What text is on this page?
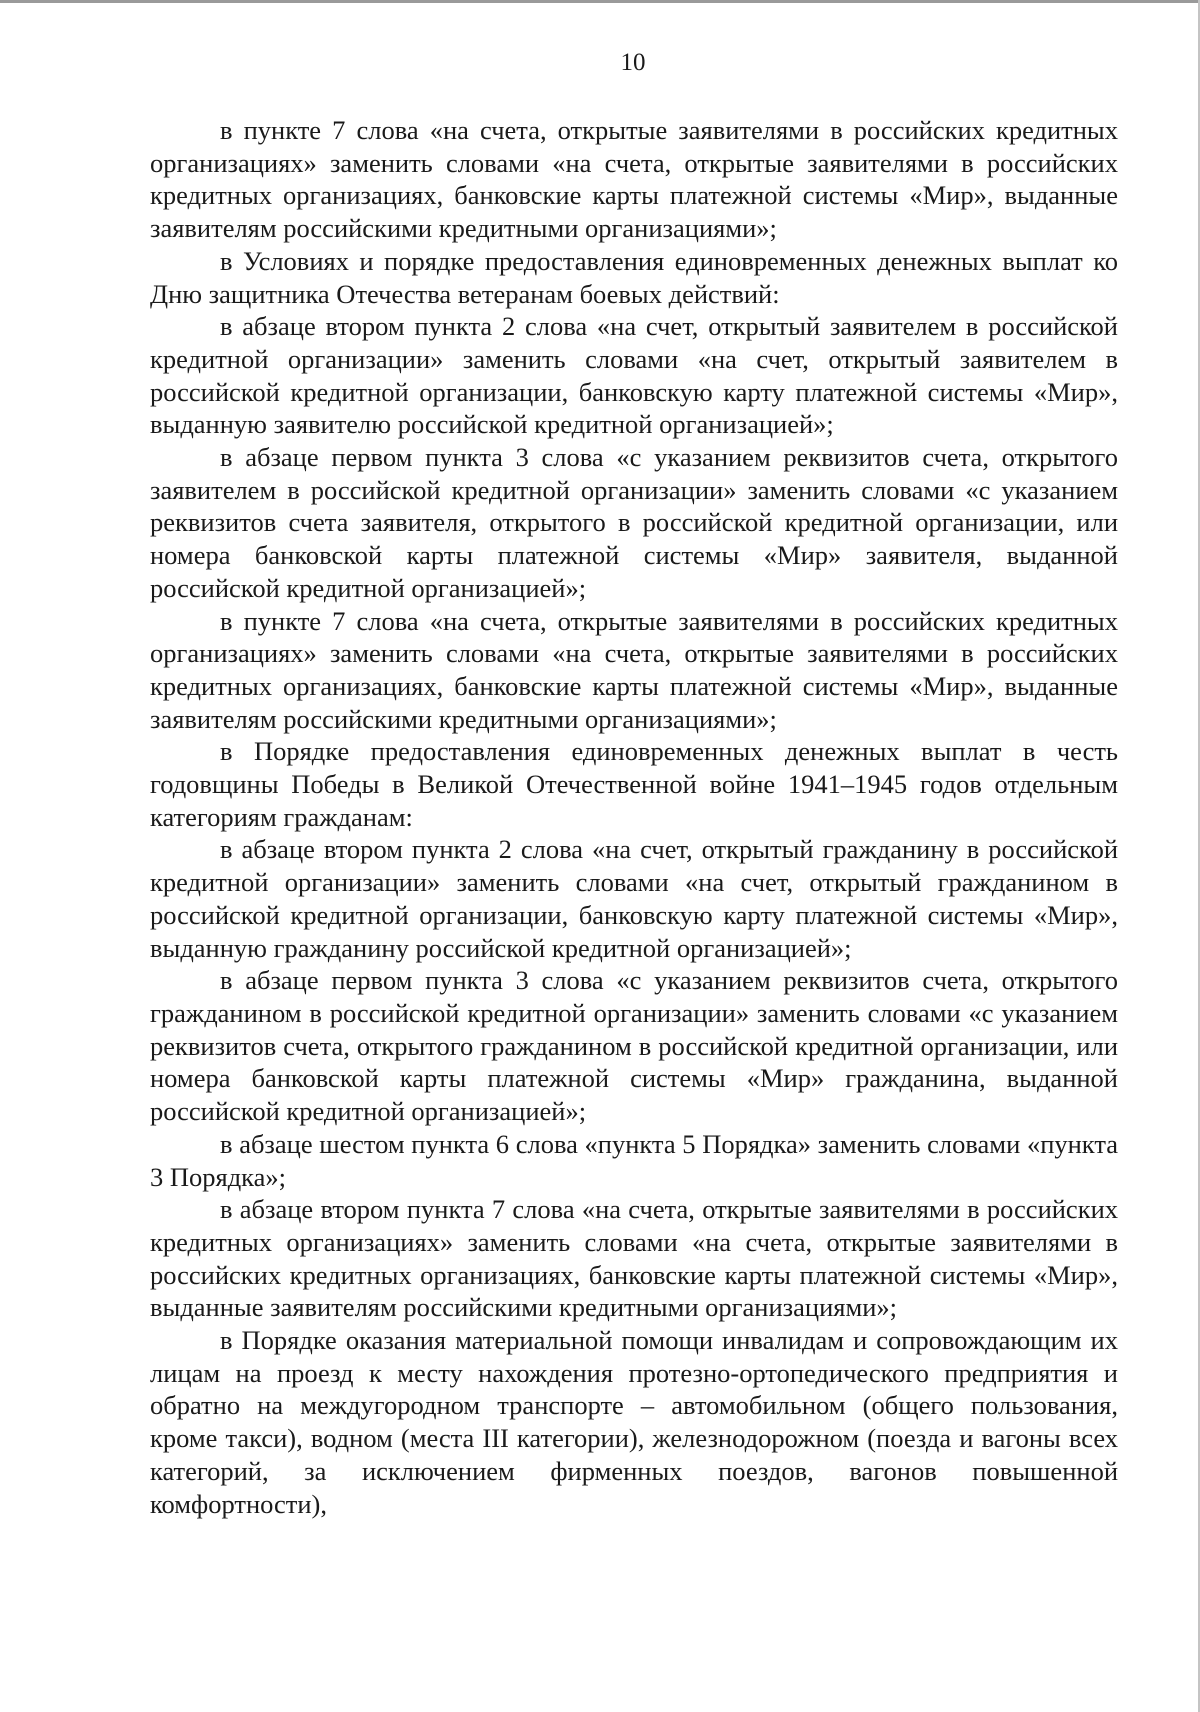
10

в пункте 7 слова «на счета, открытые заявителями в российских кредитных организациях» заменить словами «на счета, открытые заявителями в российских кредитных организациях, банковские карты платежной системы «Мир», выданные заявителям российскими кредитными организациями»;

в Условиях и порядке предоставления единовременных денежных выплат ко Дню защитника Отечества ветеранам боевых действий:

в абзаце втором пункта 2 слова «на счет, открытый заявителем в российской кредитной организации» заменить словами «на счет, открытый заявителем в российской кредитной организации, банковскую карту платежной системы «Мир», выданную заявителю российской кредитной организацией»;

в абзаце первом пункта 3 слова «с указанием реквизитов счета, открытого заявителем в российской кредитной организации» заменить словами «с указанием реквизитов счета заявителя, открытого в российской кредитной организации, или номера банковской карты платежной системы «Мир» заявителя, выданной российской кредитной организацией»;

в пункте 7 слова «на счета, открытые заявителями в российских кредитных организациях» заменить словами «на счета, открытые заявителями в российских кредитных организациях, банковские карты платежной системы «Мир», выданные заявителям российскими кредитными организациями»;

в Порядке предоставления единовременных денежных выплат в честь годовщины Победы в Великой Отечественной войне 1941–1945 годов отдельным категориям гражданам:

в абзаце втором пункта 2 слова «на счет, открытый гражданину в российской кредитной организации» заменить словами «на счет, открытый гражданином в российской кредитной организации, банковскую карту платежной системы «Мир», выданную гражданину российской кредитной организацией»;

в абзаце первом пункта 3 слова «с указанием реквизитов счета, открытого гражданином в российской кредитной организации» заменить словами «с указанием реквизитов счета, открытого гражданином в российской кредитной организации, или номера банковской карты платежной системы «Мир» гражданина, выданной российской кредитной организацией»;

в абзаце шестом пункта 6 слова «пункта 5 Порядка» заменить словами «пункта 3 Порядка»;

в абзаце втором пункта 7 слова «на счета, открытые заявителями в российских кредитных организациях» заменить словами «на счета, открытые заявителями в российских кредитных организациях, банковские карты платежной системы «Мир», выданные заявителям российскими кредитными организациями»;

в Порядке оказания материальной помощи инвалидам и сопровождающим их лицам на проезд к месту нахождения протезно-ортопедического предприятия и обратно на междугородном транспорте – автомобильном (общего пользования, кроме такси), водном (места III категории), железнодорожном (поезда и вагоны всех категорий, за исключением фирменных поездов, вагонов повышенной комфортности),
